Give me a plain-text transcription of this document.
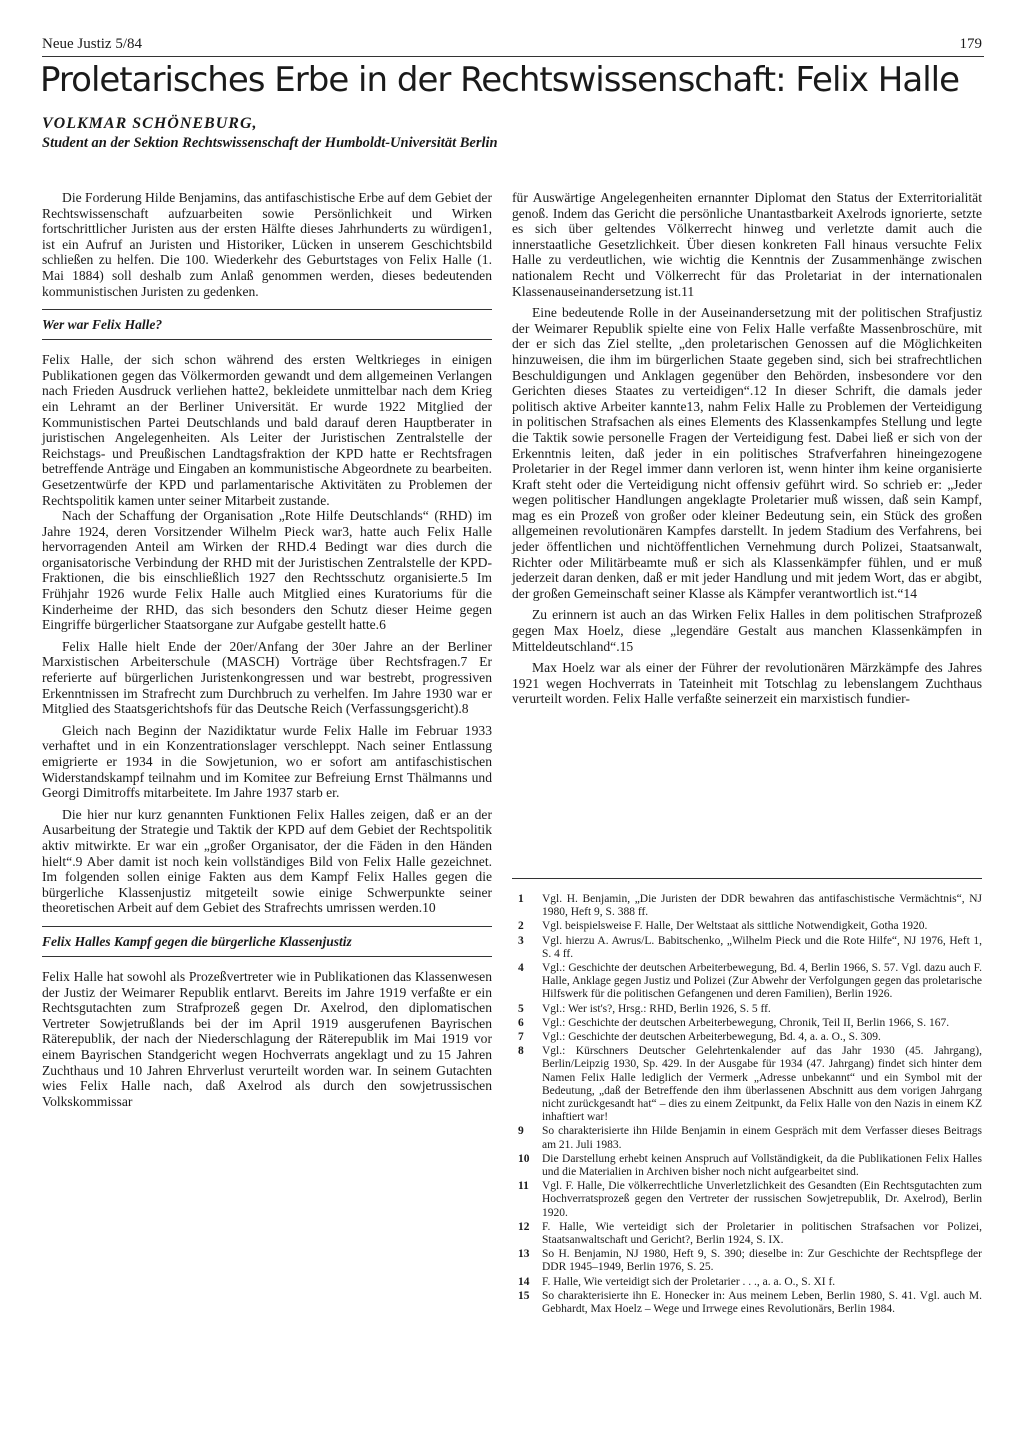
Neue Justiz 5/84	179
Proletarisches Erbe in der Rechtswissenschaft: Felix Halle
VOLKMAR SCHÖNEBURG,
Student an der Sektion Rechtswissenschaft der Humboldt-Universität Berlin

Die Forderung Hilde Benjamins, das antifaschistische Erbe auf dem Gebiet der Rechtswissenschaft aufzuarbeiten sowie Persönlichkeit und Wirken fortschrittlicher Juristen aus der ersten Hälfte dieses Jahrhunderts zu würdigen1, ist ein Aufruf an Juristen und Historiker, Lücken in unserem Geschichtsbild schließen zu helfen. Die 100. Wiederkehr des Geburtstages von Felix Halle (1. Mai 1884) soll deshalb zum Anlaß genommen werden, dieses bedeutenden kommunistischen Juristen zu gedenken.

Wer war Felix Halle?

Felix Halle, der sich schon während des ersten Weltkrieges in einigen Publikationen gegen das Völkermorden gewandt und dem allgemeinen Verlangen nach Frieden Ausdruck verliehen hatte2, bekleidete unmittelbar nach dem Krieg ein Lehramt an der Berliner Universität. Er wurde 1922 Mitglied der Kommunistischen Partei Deutschlands und bald darauf deren Hauptberater in juristischen Angelegenheiten. Als Leiter der Juristischen Zentralstelle der Reichstags- und Preußischen Landtagsfraktion der KPD hatte er Rechtsfragen betreffende Anträge und Eingaben an kommunistische Abgeordnete zu bearbeiten. Gesetzentwürfe der KPD und parlamentarische Aktivitäten zu Problemen der Rechtspolitik kamen unter seiner Mitarbeit zustande.

Nach der Schaffung der Organisation „Rote Hilfe Deutschlands“ (RHD) im Jahre 1924, deren Vorsitzender Wilhelm Pieck war3, hatte auch Felix Halle hervorragenden Anteil am Wirken der RHD.4 Bedingt war dies durch die organisatorische Verbindung der RHD mit der Juristischen Zentralstelle der KPD-Fraktionen, die bis einschließlich 1927 den Rechtsschutz organisierte.5 Im Frühjahr 1926 wurde Felix Halle auch Mitglied eines Kuratoriums für die Kinderheime der RHD, das sich besonders den Schutz dieser Heime gegen Eingriffe bürgerlicher Staatsorgane zur Aufgabe gestellt hatte.6

Felix Halle hielt Ende der 20er/Anfang der 30er Jahre an der Berliner Marxistischen Arbeiterschule (MASCH) Vorträge über Rechtsfragen.7 Er referierte auf bürgerlichen Juristenkongressen und war bestrebt, progressiven Erkenntnissen im Strafrecht zum Durchbruch zu verhelfen. Im Jahre 1930 war er Mitglied des Staatsgerichtshofs für das Deutsche Reich (Verfassungsgericht).8

Gleich nach Beginn der Nazidiktatur wurde Felix Halle im Februar 1933 verhaftet und in ein Konzentrationslager verschleppt. Nach seiner Entlassung emigrierte er 1934 in die Sowjetunion, wo er sofort am antifaschistischen Widerstandskampf teilnahm und im Komitee zur Befreiung Ernst Thälmanns und Georgi Dimitroffs mitarbeitete. Im Jahre 1937 starb er.

Die hier nur kurz genannten Funktionen Felix Halles zeigen, daß er an der Ausarbeitung der Strategie und Taktik der KPD auf dem Gebiet der Rechtspolitik aktiv mitwirkte. Er war ein „großer Organisator, der die Fäden in den Händen hielt“.9 Aber damit ist noch kein vollständiges Bild von Felix Halle gezeichnet. Im folgenden sollen einige Fakten aus dem Kampf Felix Halles gegen die bürgerliche Klassenjustiz mitgeteilt sowie einige Schwerpunkte seiner theoretischen Arbeit auf dem Gebiet des Strafrechts umrissen werden.10

Felix Halles Kampf gegen die bürgerliche Klassenjustiz

Felix Halle hat sowohl als Prozeßvertreter wie in Publikationen das Klassenwesen der Justiz der Weimarer Republik entlarvt. Bereits im Jahre 1919 verfaßte er ein Rechtsgutachten zum Strafprozeß gegen Dr. Axelrod, den diplomatischen Vertreter Sowjetrußlands bei der im April 1919 ausgerufenen Bayrischen Räterepublik, der nach der Niederschlagung der Räterepublik im Mai 1919 vor einem Bayrischen Standgericht wegen Hochverrats angeklagt und zu 15 Jahren Zuchthaus und 10 Jahren Ehrverlust verurteilt worden war. In seinem Gutachten wies Felix Halle nach, daß Axelrod als durch den sowjetrussischen Volkskommissar

für Auswärtige Angelegenheiten ernannter Diplomat den Status der Exterritorialität genoß. Indem das Gericht die persönliche Unantastbarkeit Axelrods ignorierte, setzte es sich über geltendes Völkerrecht hinweg und verletzte damit auch die innerstaatliche Gesetzlichkeit. Über diesen konkreten Fall hinaus versuchte Felix Halle zu verdeutlichen, wie wichtig die Kenntnis der Zusammenhänge zwischen nationalem Recht und Völkerrecht für das Proletariat in der internationalen Klassenauseinandersetzung ist.11

Eine bedeutende Rolle in der Auseinandersetzung mit der politischen Strafjustiz der Weimarer Republik spielte eine von Felix Halle verfaßte Massenbroschüre, mit der er sich das Ziel stellte, „den proletarischen Genossen auf die Möglichkeiten hinzuweisen, die ihm im bürgerlichen Staate gegeben sind, sich bei strafrechtlichen Beschuldigungen und Anklagen gegenüber den Behörden, insbesondere vor den Gerichten dieses Staates zu verteidigen“.12 In dieser Schrift, die damals jeder politisch aktive Arbeiter kannte13, nahm Felix Halle zu Problemen der Verteidigung in politischen Strafsachen als eines Elements des Klassenkampfes Stellung und legte die Taktik sowie personelle Fragen der Verteidigung fest. Dabei ließ er sich von der Erkenntnis leiten, daß jeder in ein politisches Strafverfahren hineingezogene Proletarier in der Regel immer dann verloren ist, wenn hinter ihm keine organisierte Kraft steht oder die Verteidigung nicht offensiv geführt wird. So schrieb er: „Jeder wegen politischer Handlungen angeklagte Proletarier muß wissen, daß sein Kampf, mag es ein Prozeß von großer oder kleiner Bedeutung sein, ein Stück des großen allgemeinen revolutionären Kampfes darstellt. In jedem Stadium des Verfahrens, bei jeder öffentlichen und nichtöffentlichen Vernehmung durch Polizei, Staatsanwalt, Richter oder Militärbeamte muß er sich als Klassenkämpfer fühlen, und er muß jederzeit daran denken, daß er mit jeder Handlung und mit jedem Wort, das er abgibt, der großen Gemeinschaft seiner Klasse als Kämpfer verantwortlich ist.“14

Zu erinnern ist auch an das Wirken Felix Halles in dem politischen Strafprozeß gegen Max Hoelz, diese „legendäre Gestalt aus manchen Klassenkämpfen in Mitteldeutschland“.15

Max Hoelz war als einer der Führer der revolutionären Märzkämpfe des Jahres 1921 wegen Hochverrats in Tateinheit mit Totschlag zu lebenslangem Zuchthaus verurteilt worden. Felix Halle verfaßte seinerzeit ein marxistisch fundier-

1 Vgl. H. Benjamin, „Die Juristen der DDR bewahren das antifaschistische Vermächtnis“, NJ 1980, Heft 9, S. 388 ff.
2 Vgl. beispielsweise F. Halle, Der Weltstaat als sittliche Notwendigkeit, Gotha 1920.
3 Vgl. hierzu A. Awrus/L. Babitschenko, „Wilhelm Pieck und die Rote Hilfe“, NJ 1976, Heft 1, S. 4 ff.
4 Vgl.: Geschichte der deutschen Arbeiterbewegung, Bd. 4, Berlin 1966, S. 57. Vgl. dazu auch F. Halle, Anklage gegen Justiz und Polizei (Zur Abwehr der Verfolgungen gegen das proletarische Hilfswerk für die politischen Gefangenen und deren Familien), Berlin 1926.
5 Vgl.: Wer ist's?, Hrsg.: RHD, Berlin 1926, S. 5 ff.
6 Vgl.: Geschichte der deutschen Arbeiterbewegung, Chronik, Teil II, Berlin 1966, S. 167.
7 Vgl.: Geschichte der deutschen Arbeiterbewegung, Bd. 4, a. a. O., S. 309.
8 Vgl.: Kürschners Deutscher Gelehrtenkalender auf das Jahr 1930 (45. Jahrgang), Berlin/Leipzig 1930, Sp. 429. In der Ausgabe für 1934 (47. Jahrgang) findet sich hinter dem Namen Felix Halle lediglich der Vermerk „Adresse unbekannt“ und ein Symbol mit der Bedeutung, „daß der Betreffende den ihm überlassenen Abschnitt aus dem vorigen Jahrgang nicht zurückgesandt hat“ – dies zu einem Zeitpunkt, da Felix Halle von den Nazis in einem KZ inhaftiert war!
9 So charakterisierte ihn Hilde Benjamin in einem Gespräch mit dem Verfasser dieses Beitrags am 21. Juli 1983.
10 Die Darstellung erhebt keinen Anspruch auf Vollständigkeit, da die Publikationen Felix Halles und die Materialien in Archiven bisher noch nicht aufgearbeitet sind.
11 Vgl. F. Halle, Die völkerrechtliche Unverletzlichkeit des Gesandten (Ein Rechtsgutachten zum Hochverratsprozeß gegen den Vertreter der russischen Sowjetrepublik, Dr. Axelrod), Berlin 1920.
12 F. Halle, Wie verteidigt sich der Proletarier in politischen Strafsachen vor Polizei, Staatsanwaltschaft und Gericht?, Berlin 1924, S. IX.
13 So H. Benjamin, NJ 1980, Heft 9, S. 390; dieselbe in: Zur Geschichte der Rechtspflege der DDR 1945–1949, Berlin 1976, S. 25.
14 F. Halle, Wie verteidigt sich der Proletarier . . ., a. a. O., S. XI f.
15 So charakterisierte ihn E. Honecker in: Aus meinem Leben, Berlin 1980, S. 41. Vgl. auch M. Gebhardt, Max Hoelz – Wege und Irrwege eines Revolutionärs, Berlin 1984.
